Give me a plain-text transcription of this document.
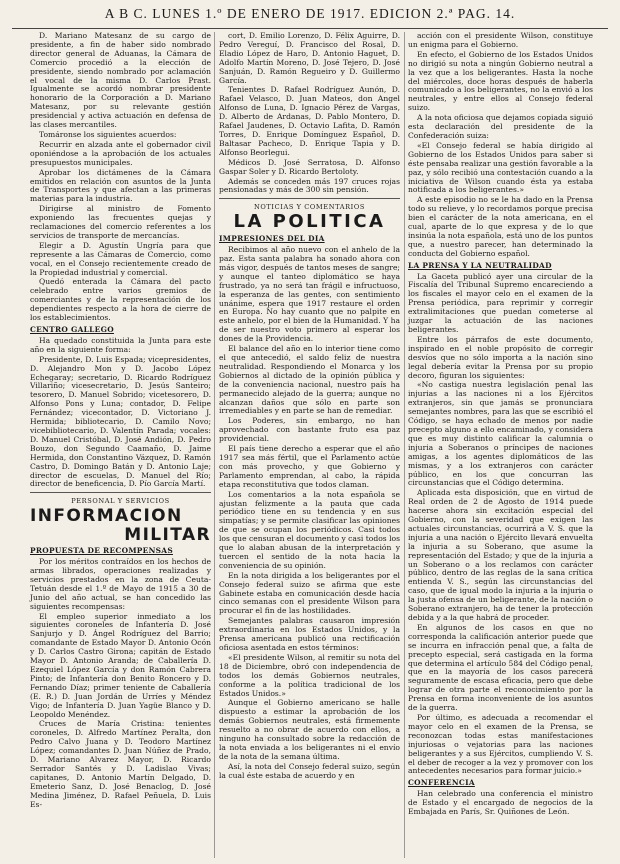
A B C. LUNES 1.º DE ENERO DE 1917. EDICION 2.ª PAG. 14.

D. Mariano Matesanz de su cargo de presidente, a fin de haber sido nombrado director general de Aduanas, la Cámara de Comercio procedió a la elección de presidente, siendo nombrado por aclamación el vocal de la misma D. Carlos Prast. Igualmente se acordó nombrar presidente honorario de la Corporación a D. Mariano Matesanz, por su relevante gestión presidencial y activa actuación en defensa de las clases mercantiles.

Tomáronse los siguientes acuerdos:

Recurrir en alzada ante el gobernador civil oponiéndose a la aprobación de los actuales presupuestos municipales.

Aprobar los dictámenes de la Cámara emitidos en relación con asuntos de la Junta de Transportes y que afectan a las primeras materias para la industria.

Dirigirse al ministro de Fomento exponiendo las frecuentes quejas y reclamaciones del comercio referentes a los servicios de transporte de mercancías.

Elegir a D. Agustín Ungría para que represente a las Cámaras de Comercio, como vocal, en el Consejo recientemente creado de la Propiedad industrial y comercial.

Quedó enterada la Cámara del pacto celebrado entre varios gremios de comerciantes y de la representación de los dependientes respecto a la hora de cierre de los establecimientos.

CENTRO GALLEGO

Ha quedado constituida la Junta para este año en la siguiente forma:

Presidente, D. Luis Espada; vicepresidentes, D. Alejandro Mon y D. Jacobo López Echegaray; secretario, D. Ricardo Rodríguez Villariño; vicesecretario, D. Jesús Santeiro; tesorero, D. Manuel Sobrido; vicetesorero, D. Alfonso Pons y Luna; contador, D. Felipe Fernández; vicecontador, D. Victoriano J. Hermida; bibliotecario, D. Camilo Novo; vicebibliotecario, D. Valentín Parada; vocales: D. Manuel Cristóbal, D. José Andión, D. Pedro Bouzo, don Segundo Caamaño, D. Jaime Hermida, don Constantino Vázquez, D. Ramón Castro, D. Domingo Batán y D. Antonio Laje; director de escuelas, D. Manuel del Río; director de beneficencia, D. Pío García Martí.

PERSONAL Y SERVICIOS
INFORMACION
MILITAR
PROPUESTA DE RECOMPENSAS

Por los méritos contraídos en los hechos de armas librados, operaciones realizadas y servicios prestados en la zona de Ceuta-Tetuán desde el 1.º de Mayo de 1915 a 30 de Junio del año actual, se han concedido las siguientes recompensas:

El empleo superior inmediato a los siguientes coroneles de Infantería D. José Sanjurjo y D. Ángel Rodríguez del Barrio; comandante de Estado Mayor D. Antonio Ocón y D. Carlos Castro Girona; capitán de Estado Mayor D. Antonio Aranda; de Caballería D. Ezequiel López García y don Ramón Cabrera Pinto; de Infantería don Benito Roncero y D. Fernando Díaz; primer teniente de Caballería (E. R.) D. Juan Jordán de Urríes y Méndez Vigo; de Infantería D. Juan Yagüe Blanco y D. Leopoldo Menéndez.

Cruces de María Cristina: tenientes coroneles, D. Alfredo Martínez Peralta, don Pedro Calvo Juana y D. Teodoro Martínez López; comandantes D. Juan Núñez de Prado, D. Mariano Alvarez Mayor, D. Ricardo Serrador Santés y D. Ladislao Vivas; capitanes, D. Antonio Martín Delgado, D. Emeterio Sanz, D. José Benaclog, D. José Medina Jiménez, D. Rafael Peñuela, D. Luis Es-

cort, D. Emilio Lorenzo, D. Félix Aguirre, D. Pedro Vereguí, D. Francisco del Rosal, D. Eladio López de Haro, D. Antonio Haguet, D. Adolfo Martín Moreno, D. José Tejero, D. José Sanjuán, D. Ramón Regueiro y D. Guillermo García.

Tenientes D. Rafael Rodríguez Aunón, D. Rafael Velasco, D. Juan Mateos, don Angel Alfonso de Luna, D. Ignacio Pérez de Vargas, D. Alberto de Ardanas, D. Pablo Montero, D. Rafael Jaudenes, D. Octavio Lafita, D. Ramón Torres, D. Enrique Domínguez Español, D. Baltasar Pacheco, D. Enrique Tapia y D. Alfonso Beorlegui.

Médicos D. José Serratosa, D. Alfonso Gaspar Soler y D. Ricardo Bertoloty.

Además se conceden más 197 cruces rojas pensionadas y más de 300 sin pensión.

NOTICIAS Y COMENTARIOS
LA POLITICA
IMPRESIONES DEL DIA

Recibimos al año nuevo con el anhelo de la paz. Esta santa palabra ha sonado ahora con más vigor, después de tantos meses de sangre; y aunque el tanteo diplomático se haya frustrado, ya no será tan frágil e infructuoso, la esperanza de las gentes, con sentimiento unánime, espera que 1917 restaure el orden en Europa. No hay cuanto que no palpite en este anhelo, por el bien de la Humanidad. Y ha de ser nuestro voto primero al esperar los dones de la Providencia.

El balance del año en lo interior tiene como el que antecedió, el saldo feliz de nuestra neutralidad. Respondiendo el Monarca y los Gobiernos al dictado de la opinión pública y de la conveniencia nacional, nuestro país ha permanecido alejado de la guerra; aunque no alcanzan daños que sólo en parte son irremediables y en parte se han de remediar.

Los Poderes, sin embargo, no han aprovechado con bastante fruto esa paz providencial.

El país tiene derecho a esperar que el año 1917 sea más fértil, que el Parlamento actúe con más provecho, y que Gobierno y Parlamento emprendan, al cabo, la rápida etapa reconstitutiva que todos claman.

Los comentarios a la nota española se ajustan felizmente a la pauta que cada periódico tiene en su tendencia y en sus simpatías; y se permite clasificar las opiniones de que se ocupan los periódicos. Casi todos los que censuran el documento y casi todos los que lo alaban abusan de la interpretación y tuercen el sentido de la nota hacia la conveniencia de su opinión.

En la nota dirigida a los beligerantes por el Consejo federal suizo se afirma que este Gabinete estaba en comunicación desde hacía cinco semanas con el presidente Wilson para procurar el fin de las hostilidades.

Semejantes palabras causaron impresión extraordinaria en los Estados Unidos, y la Prensa americana publicó una rectificación oficiosa asentada en estos términos:

«El presidente Wilson, al remitir su nota del 18 de Diciembre, obró con independencia de todos los demás Gobiernos neutrales, conforme a la política tradicional de los Estados Unidos.»

Aunque el Gobierno americano se halle dispuesto a estimar la aprobación de los demás Gobiernos neutrales, está firmemente resuelto a no obrar de acuerdo con ellos, a ninguno ha consultado sobre la redacción de la nota enviada a los beligerantes ni el envío de la nota de la semana última.

Así, la nota del Consejo federal suizo, según la cual éste estaba de acuerdo y en

acción con el presidente Wilson, constituye un enigma para el Gobierno.

En efecto, el Gobierno de los Estados Unidos no dirigió su nota a ningún Gobierno neutral a la vez que a los beligerantes. Hasta la noche del miércoles, doce horas después de haberla comunicado a los beligerantes, no la envió a los neutrales, y entre ellos al Consejo federal suizo.

A la nota oficiosa que dejamos copiada siguió esta declaración del presidente de la Confederación suiza:

«El Consejo federal se había dirigido al Gobierno de los Estados Unidos para saber si éste pensaba realizar una gestión favorable a la paz, y sólo recibió una contestación cuando a la iniciativa de Wilson cuando ésta ya estaba notificada a los beligerantes.»

A este episodio no se le ha dado en la Prensa todo su relieve, y lo recordamos porque precisa bien el carácter de la nota americana, en el cual, aparte de lo que expresa y de lo que insinúa la nota española, está uno de los puntos que, a nuestro parecer, han determinado la conducta del Gobierno español.

LA PRENSA Y LA NEUTRALIDAD

La Gaceta publicó ayer una circular de la Fiscalía del Tribunal Supremo encareciendo a los fiscales el mayor celo en el examen de la Prensa periódica, para reprimir y corregir extralimitaciones que puedan cometerse al juzgar la actuación de las naciones beligerantes.

Entre los párrafos de este documento, inspirado en el noble propósito de corregir desvíos que no sólo importa a la nación sino legal debería evitar la Prensa por su propio decoro, figuran los siguientes:

«No castiga nuestra legislación penal las injurias a las naciones ni a los Ejércitos extranjeros, sin que jamás se pronunciara semejantes nombres, para las que se escribió el Código, se haya echado de menos por nadie precepto alguno a ello encaminado, y considera que es muy distinto calificar la calumnia o injuria a Soberanos o príncipes de naciones amigas, a los agentes diplomáticos de las mismas, y a los extranjeros con carácter público, en los que concurran las circunstancias que el Código determina.

Aplicada esta disposición, que en virtud de Real orden de 2 de Agosto de 1914 puede hacerse ahora sin excitación especial del Gobierno, con la severidad que exigen las actuales circunstancias, ocurrirá a V. S. que la injuria a una nación o Ejército llevará envuelta la injuria a su Soberano, que asume la representación del Estado; y que de la injuria a un Soberano o a los reclamos con carácter público, dentro de las reglas de la sana crítica entienda V. S., según las circunstancias del caso, que de igual modo la injuria a la injuria o la justa ofensa de un beligerante, de la nación o Soberano extranjero, ha de tener la protección debida y a la que habrá de proceder.

En algunos de los casos en que no corresponda la calificación anterior puede que se incurra en infracción penal que, a falta de precepto especial, será castigada en la forma que determina el artículo 584 del Código penal, que en la mayoría de los casos parecerá seguramente de escasa eficacia, pero que debe lograr de otra parte el reconocimiento por la Prensa en forma inconveniente de los asuntos de la guerra.

Por último, es adecuada a recomendar el mayor celo en el examen de la Prensa, se reconozcan todas estas manifestaciones injuriosas o vejatorias para las naciones beligerantes y a sus Ejércitos, cumpliendo V. S. el deber de recoger a la vez y promover con los antecedentes necesarios para formar juicio.»

CONFERENCIA

Han celebrado una conferencia el ministro de Estado y el encargado de negocios de la Embajada en París, Sr. Quiñones de León.
